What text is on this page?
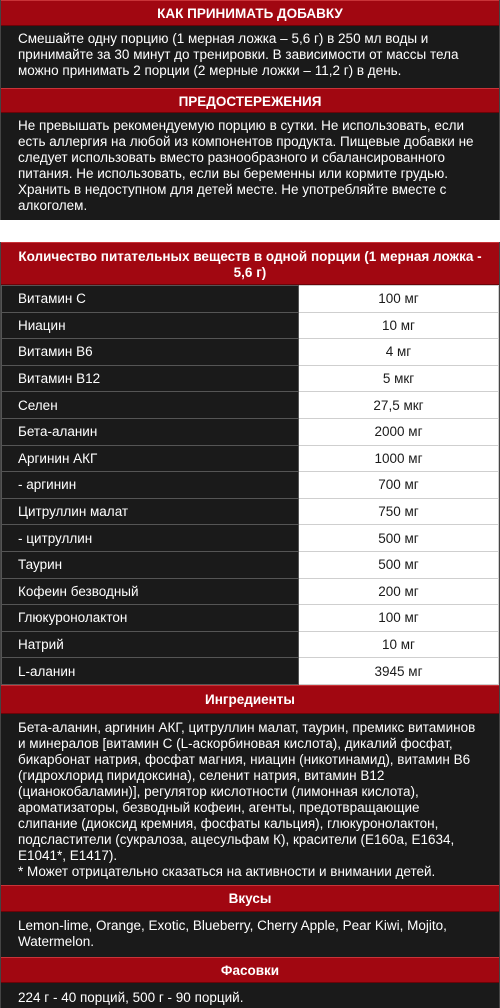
КАК ПРИНИМАТЬ ДОБАВКУ
Смешайте одну порцию (1 мерная ложка – 5,6 г) в 250 мл воды и принимайте за 30 минут до тренировки. В зависимости от массы тела можно принимать 2 порции (2 мерные ложки – 11,2 г) в день.
ПРЕДОСТЕРЕЖЕНИЯ
Не превышать рекомендуемую порцию в сутки. Не использовать, если есть аллергия на любой из компонентов продукта. Пищевые добавки не следует использовать вместо разнообразного и сбалансированного питания. Не использовать, если вы беременны или кормите грудью. Хранить в недоступном для детей месте. Не употребляйте вместе с алкоголем.
Количество питательных веществ в одной порции (1 мерная ложка - 5,6 г)
Витамин С	100 мг
Ниацин	10 мг
Витамин В6	4 мг
Витамин В12	5 мкг
Селен	27,5 мкг
Бета-аланин	2000 мг
Аргинин АКГ	1000 мг
- аргинин	700 мг
Цитруллин малат	750 мг
- цитруллин	500 мг
Таурин	500 мг
Кофеин безводный	200 мг
Глюкуронолактон	100 мг
Натрий	10 мг
L-аланин	3945 мг
Ингредиенты
Бета-аланин, аргинин АКГ, цитруллин малат, таурин, премикс витаминов и минералов [витамин С (L-аскорбиновая кислота), дикалий фосфат, бикарбонат натрия, фосфат магния, ниацин (никотинамид), витамин В6 (гидрохлорид пиридоксина), селенит натрия, витамин В12 (цианокобаламин)], регулятор кислотности (лимонная кислота), ароматизаторы, безводный кофеин, агенты, предотвращающие слипание (диоксид кремния, фосфаты кальция), глюкуронолактон, подсластители (сукралоза, ацесульфам К), красители (Е160а, Е1634, Е1041*, Е1417).
* Может отрицательно сказаться на активности и внимании детей.
Вкусы
Lemon-lime, Orange, Exotic, Blueberry, Cherry Apple, Pear Kiwi, Mojito, Watermelon.
Фасовки
224 г - 40 порций, 500 г - 90 порций.
